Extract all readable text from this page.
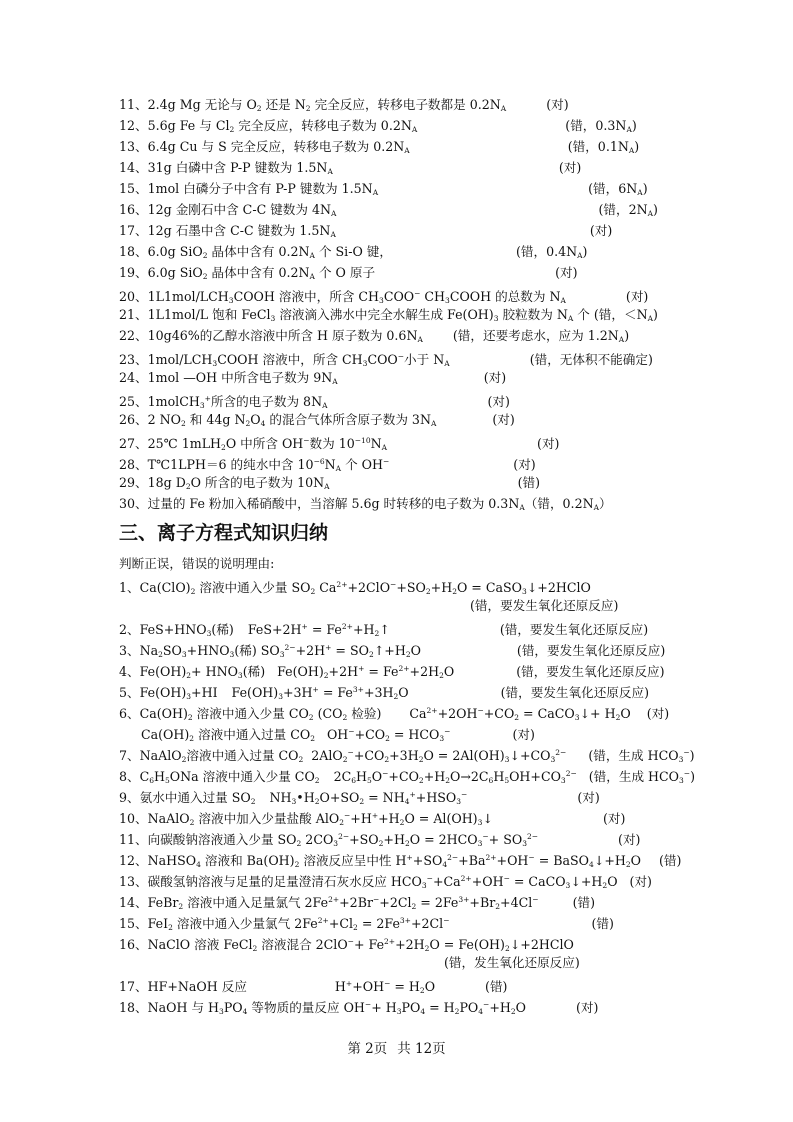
11、2.4g Mg 无论与 $O_2$ 还是 $N_2$ 完全反应，转移电子数都是 $0.2N_A$	(对)
12、5.6g Fe 与 $Cl_2$ 完全反应，转移电子数为 $0.2N_A$	(错，$0.3N_A$)
13、6.4g Cu 与 S 完全反应，转移电子数为 $0.2N_A$	(错，$0.1N_A$)
14、31g 白磷中含 P-P 键数为 $1.5N_A$	(对)
15、1mol 白磷分子中含有 P-P 键数为 $1.5N_A$	(错，$6N_A$)
16、12g 金刚石中含 C-C 键数为 $4N_A$	(错，$2N_A$)
17、12g 石墨中含 C-C 键数为 $1.5N_A$	(对)
18、6.0g SiO$_2$ 晶体中含有 $0.2N_A$ 个 Si-O 键，	(错，$0.4N_A$)
19、6.0g SiO$_2$ 晶体中含有 $0.2N_A$ 个 O 原子	(对)
20、$1L1mol/LCH_3COOH$ 溶液中，所含 $CH_3COO^-$ $CH_3COOH$ 的总数为 $N_A$	(对)
21、1L1mol/L 饱和 FeCl$_3$ 溶液滴入沸水中完全水解生成 $Fe(OH)_3$ 胶粒数为 $N_A$ 个 (错，$<N_A$)
22、10g46%的乙醇水溶液中所含 H 原子数为 $0.6N_A$ (错，还要考虑水，应为 $1.2N_A$)
23、$1mol/LCH_3COOH$ 溶液中，所含 $CH_3COO^-$小于 $N_A$	(错，无体积不能确定)
24、1mol —OH 中所含电子数为 $9N_A$	(对)
25、1molCH$_3$+所含的电子数为 $8N_A$	(对)
26、2 $NO_2$ 和 44g $N_2O_4$ 的混合气体所含原子数为 $3N_A$	(对)
27、25℃ 1mLH$_2$O 中所含 OH−数为 $10^{-10}N_A$	(对)
28、T℃1LPH＝6 的纯水中含 $10^{-6}N_A$ 个 OH−	(对)
29、18g $D_2O$ 所含的电子数为 $10N_A$	(错)
30、过量的 Fe 粉加入稀硝酸中，当溶解 5.6g 时转移的电子数为 $0.3N_A$（错，$0.2N_A$）
三、离子方程式知识归纳
判断正误，错误的说明理由:
1、$Ca(ClO)_2$ 溶液中通入少量 $SO_2$ $Ca^{2+}+2ClO^-+SO_2+H_2O$ = CaSO$_3$↓+2HClO
(错，要发生氧化还原反应)
2、$FeS+HNO_3$(稀) $FeS+2H^+ = Fe^{2+}+H_2↑$	(错，要发生氧化还原反应)
3、$Na_2SO_3+HNO_3$(稀) $SO_3^{2-}+2H^+$ = $SO_2↑+H_2O$	(错，要发生氧化还原反应)
4、$Fe(OH)_2+ HNO_3$(稀) $Fe(OH)_2+2H^+ = Fe^{2+}+2H_2O$	(错，要发生氧化还原反应)
5、$Fe(OH)_3+HI$ $Fe(OH)_3+3H^+ = Fe^{3+}+3H_2O$	(错，要发生氧化还原反应)
6、$Ca(OH)_2$ 溶液中通入少量 $CO_2$ ($CO_2$ 检验) $Ca^{2+}+2OH^-+CO_2$ = CaCO$_3$↓+ $H_2O$ (对)
$Ca(OH)_2$ 溶液中通入过量 $CO_2$ $OH^-+CO_2 = HCO_3^-$	(对)
7、NaAlO$_2$溶液中通入过量 $CO_2$ $2AlO_2^-+CO_2+3H_2O$ = $2Al(OH)_3↓+CO_3^{2-}$ (错，生成 $HCO_3^-$)
8、$C_6H_5ONa$ 溶液中通入少量 $CO_2$ $2C_6H_5O^-+CO_2+H_2O\to 2C_6H_5OH+CO_3^{2-}$ (错，生成 $HCO_3^-$)
9、氨水中通入过量 $SO_2$ $NH_3•H_2O+SO_2 = NH_4^++HSO_3^-$	(对)
10、NaAlO$_2$ 溶液中加入少量盐酸 $AlO_2^-+H^++H_2O$ = $Al(OH)_3↓$	(对)
11、向碳酸钠溶液通入少量 $SO_2$ $2CO_3^{2-}+SO_2+H_2O = 2HCO_3^-+ SO_3^{2-}$	(对)
12、NaHSO$_4$ 溶液和 $Ba(OH)_2$ 溶液反应呈中性 $H^++SO_4^{2-}+Ba^{2+}+OH^-$ = $BaSO_4↓+H_2O$ (错)
13、碳酸氢钠溶液与足量的足量澄清石灰水反应 $HCO_3^-+Ca^{2+}+OH^-$ = $CaCO_3↓+H_2O$ (对)
14、FeBr$_2$ 溶液中通入足量氯气 $2Fe^{2+}+2Br^-+2Cl_2 = 2Fe^{3+}+Br_2+4Cl^-$	(错)
15、FeI$_2$ 溶液中通入少量氯气 $2Fe^{2+}+Cl_2 = 2Fe^{3+}+2Cl^-$	(错)
16、NaClO 溶液 FeCl$_2$ 溶液混合 $2ClO^-+ Fe^{2+}+2H_2O$ = $Fe(OH)_2↓+2HClO$
(错，发生氧化还原反应)
17、HF+NaOH 反应	$H^++OH^- = H_2O$	(错)
18、NaOH 与 $H_3PO_4$ 等物质的量反应 $OH^-+ H_3PO_4 = H_2PO_4^-+H_2O$	(对)
第 2页 共 12页
